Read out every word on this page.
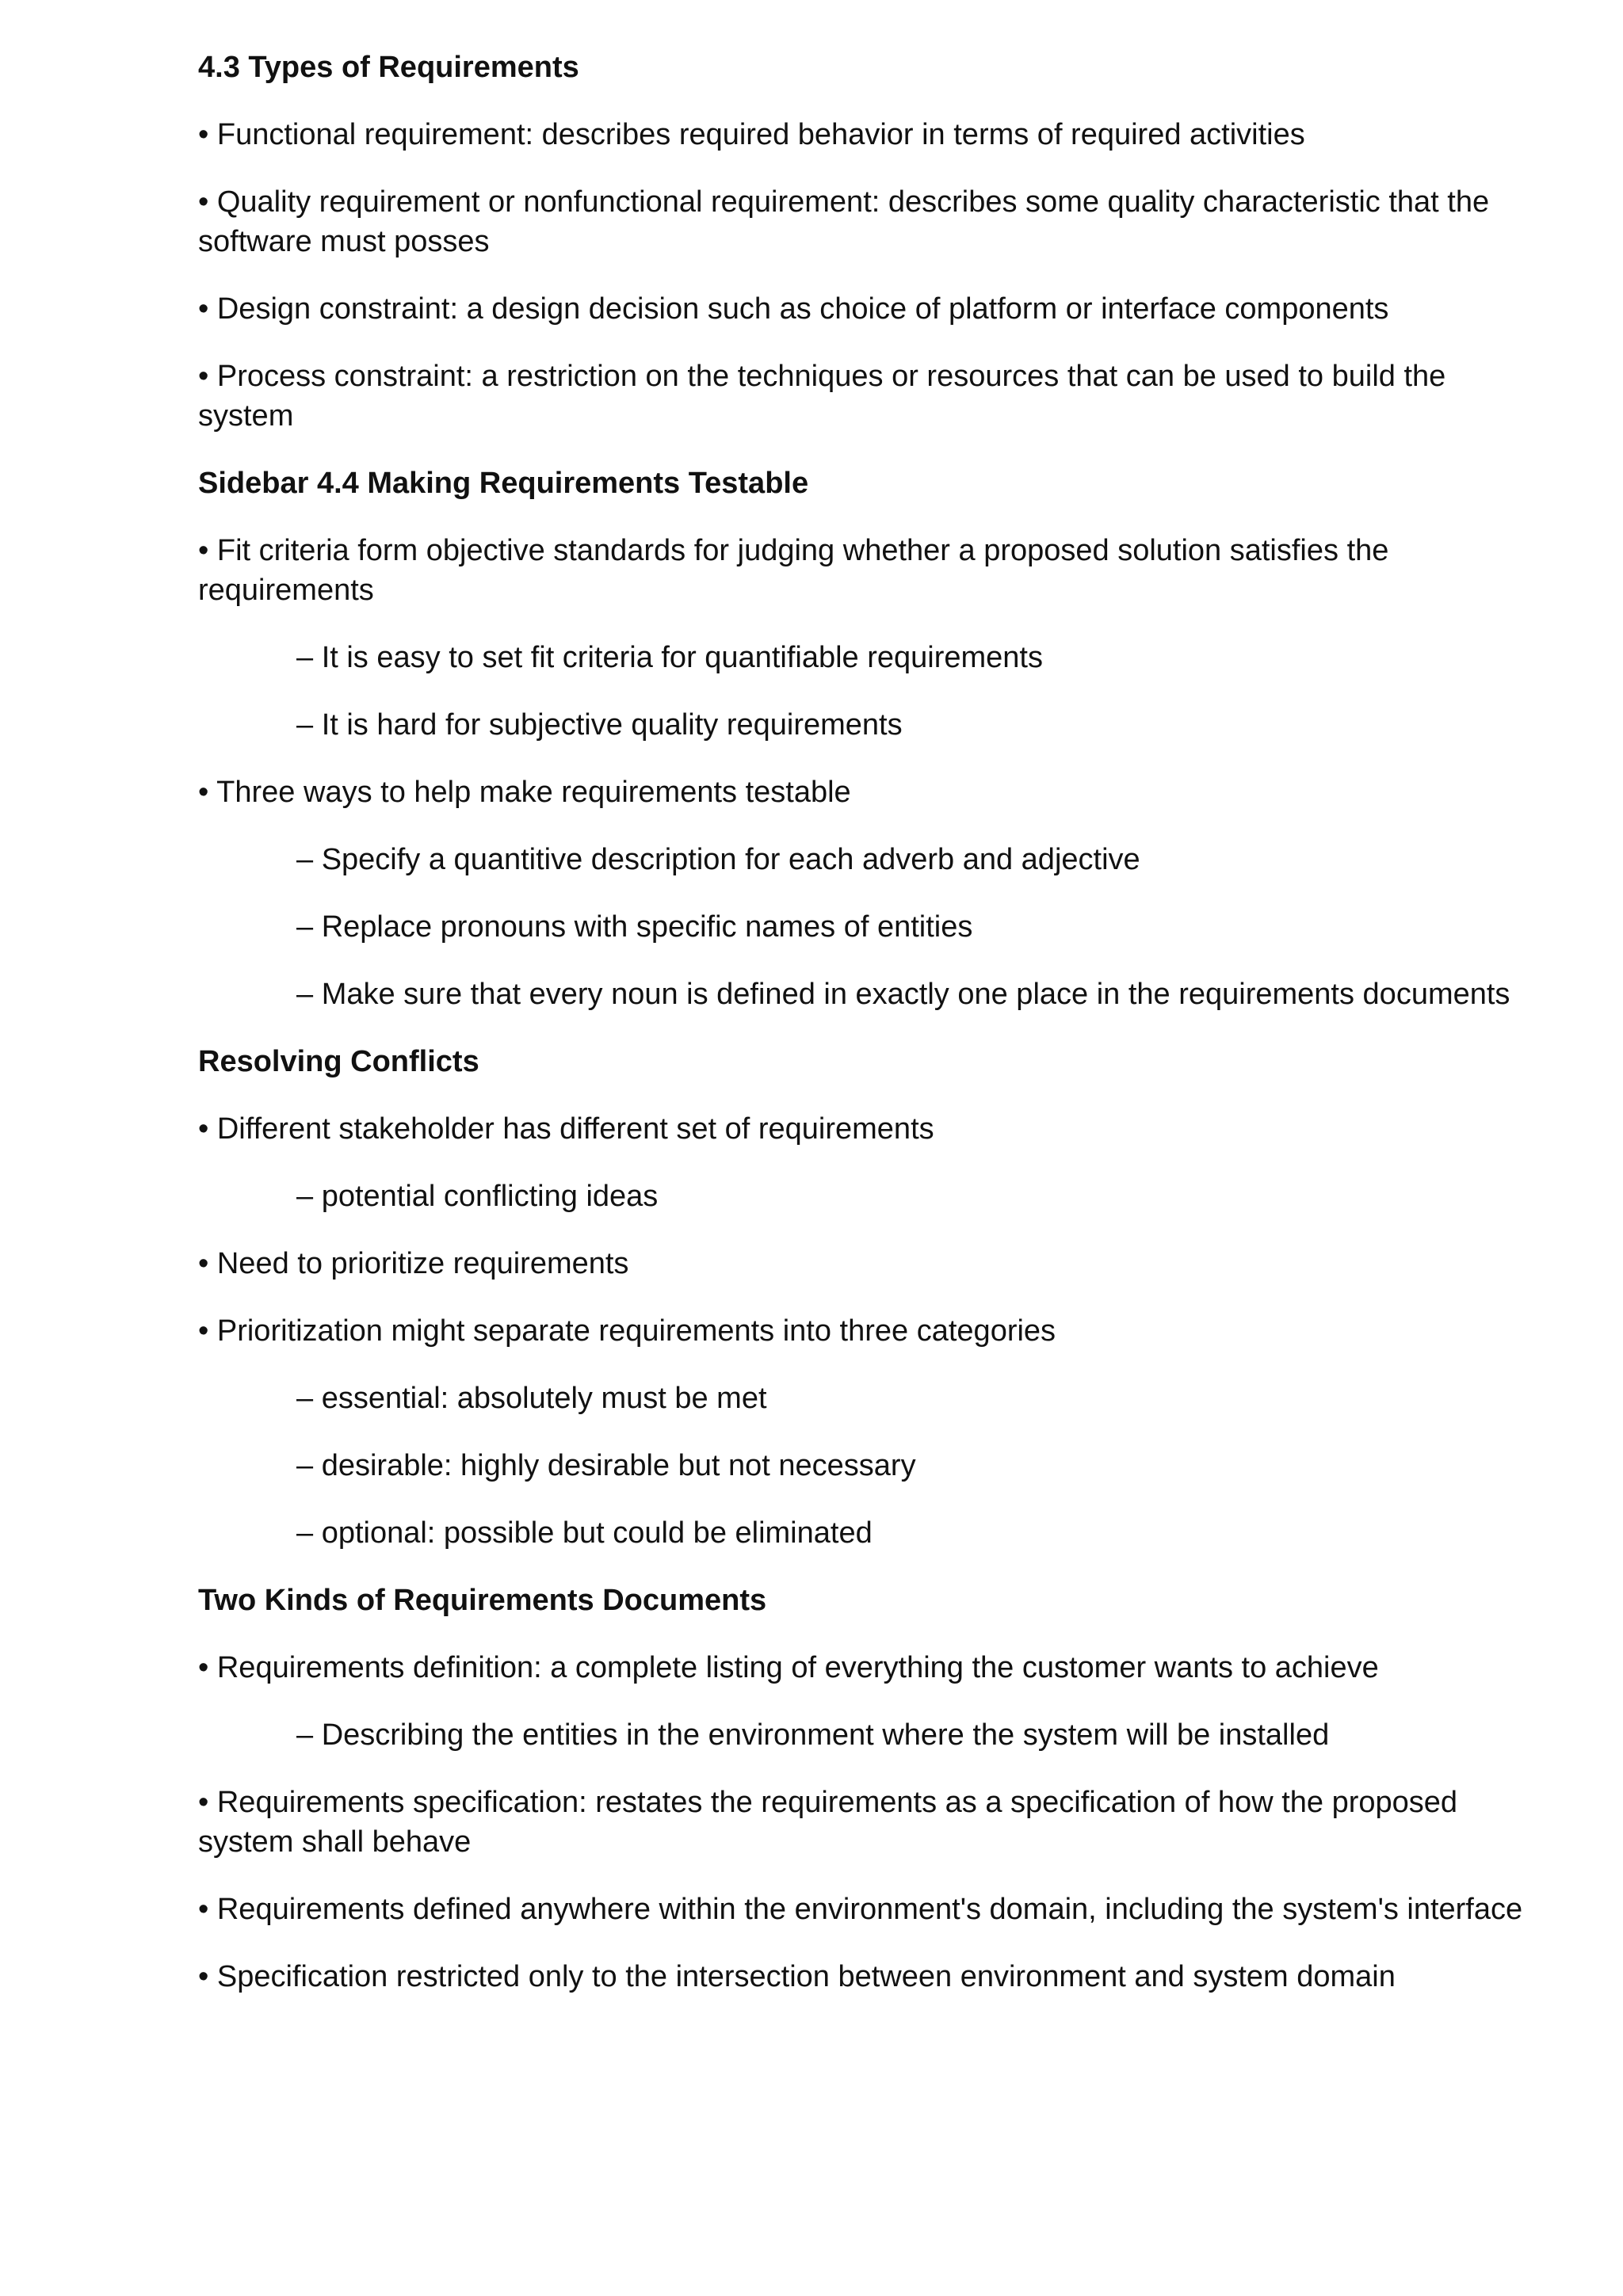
4.3 Types of Requirements

• Functional requirement: describes required behavior in terms of required activities

• Quality requirement or nonfunctional requirement: describes some quality characteristic that the software must posses

• Design constraint: a design decision such as choice of platform or interface components

• Process constraint: a restriction on the techniques or resources that can be used to build the system

Sidebar 4.4 Making Requirements Testable

• Fit criteria form objective standards for judging whether a proposed solution satisfies the requirements

– It is easy to set fit criteria for quantifiable requirements

– It is hard for subjective quality requirements

• Three ways to help make requirements testable

– Specify a quantitive description for each adverb and adjective

– Replace pronouns with specific names of entities

– Make sure that every noun is defined in exactly one place in the requirements documents

Resolving Conflicts

• Different stakeholder has different set of requirements

– potential conflicting ideas

• Need to prioritize requirements

• Prioritization might separate requirements into three categories

– essential: absolutely must be met

– desirable: highly desirable but not necessary

– optional: possible but could be eliminated

Two Kinds of Requirements Documents

• Requirements definition: a complete listing of everything the customer wants to achieve

– Describing the entities in the environment where the system will be installed

• Requirements specification: restates the requirements as a specification of how the proposed system shall behave

• Requirements defined anywhere within the environment's domain, including the system's interface

• Specification restricted only to the intersection between environment and system domain
